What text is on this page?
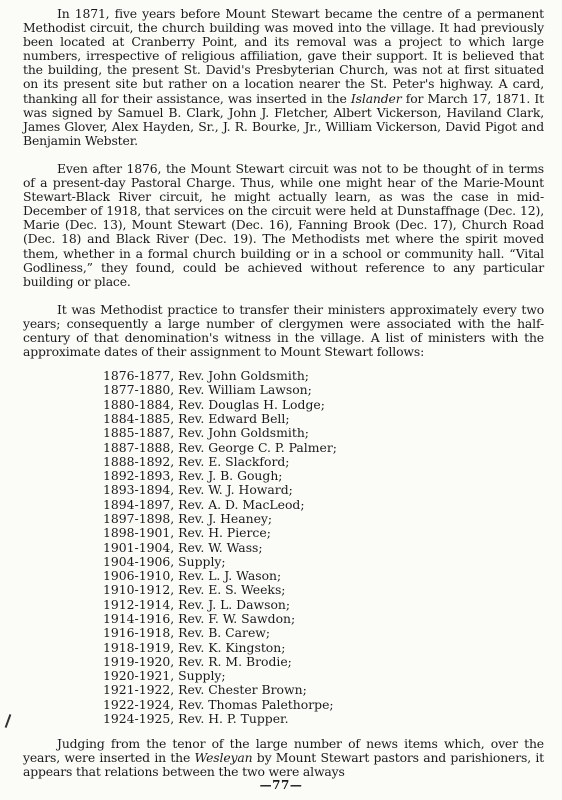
In 1871, five years before Mount Stewart became the centre of a permanent Methodist circuit, the church building was moved into the village. It had previously been located at Cranberry Point, and its removal was a project to which large numbers, irrespective of religious affiliation, gave their support. It is believed that the building, the present St. David's Presbyterian Church, was not at first situated on its present site but rather on a location nearer the St. Peter's highway. A card, thanking all for their assistance, was inserted in the Islander for March 17, 1871. It was signed by Samuel B. Clark, John J. Fletcher, Albert Vickerson, Haviland Clark, James Glover, Alex Hayden, Sr., J. R. Bourke, Jr., William Vickerson, David Pigot and Benjamin Webster.

Even after 1876, the Mount Stewart circuit was not to be thought of in terms of a present-day Pastoral Charge. Thus, while one might hear of the Marie-Mount Stewart-Black River circuit, he might actually learn, as was the case in mid-December of 1918, that services on the circuit were held at Dunstaffnage (Dec. 12), Marie (Dec. 13), Mount Stewart (Dec. 16), Fanning Brook (Dec. 17), Church Road (Dec. 18) and Black River (Dec. 19). The Methodists met where the spirit moved them, whether in a formal church building or in a school or community hall. “Vital Godliness,” they found, could be achieved without reference to any particular building or place.

It was Methodist practice to transfer their ministers approximately every two years; consequently a large number of clergymen were associated with the half-century of that denomination's witness in the village. A list of ministers with the approximate dates of their assignment to Mount Stewart follows:

1876-1877, Rev. John Goldsmith;
1877-1880, Rev. William Lawson;
1880-1884, Rev. Douglas H. Lodge;
1884-1885, Rev. Edward Bell;
1885-1887, Rev. John Goldsmith;
1887-1888, Rev. George C. P. Palmer;
1888-1892, Rev. E. Slackford;
1892-1893, Rev. J. B. Gough;
1893-1894, Rev. W. J. Howard;
1894-1897, Rev. A. D. MacLeod;
1897-1898, Rev. J. Heaney;
1898-1901, Rev. H. Pierce;
1901-1904, Rev. W. Wass;
1904-1906, Supply;
1906-1910, Rev. L. J. Wason;
1910-1912, Rev. E. S. Weeks;
1912-1914, Rev. J. L. Dawson;
1914-1916, Rev. F. W. Sawdon;
1916-1918, Rev. B. Carew;
1918-1919, Rev. K. Kingston;
1919-1920, Rev. R. M. Brodie;
1920-1921, Supply;
1921-1922, Rev. Chester Brown;
1922-1924, Rev. Thomas Palethorpe;
1924-1925, Rev. H. P. Tupper.

Judging from the tenor of the large number of news items which, over the years, were inserted in the Wesleyan by Mount Stewart pastors and parishioners, it appears that relations between the two were always

—77—
